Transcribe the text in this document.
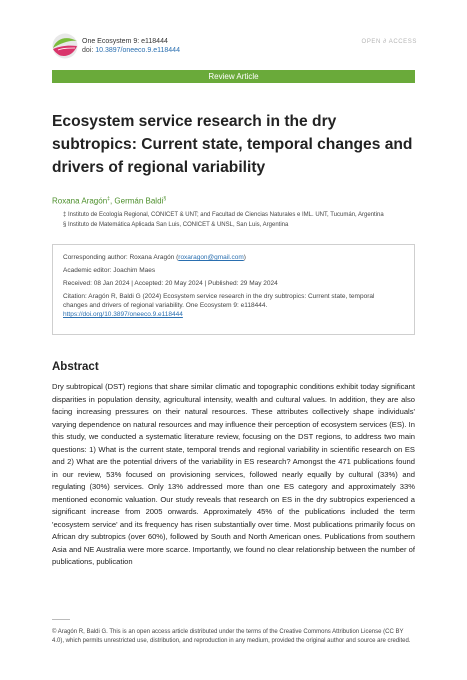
One Ecosystem 9: e118444
doi: 10.3897/oneeco.9.e118444
OPEN ∂ ACCESS
Review Article
Ecosystem service research in the dry subtropics: Current state, temporal changes and drivers of regional variability
Roxana Aragón‡, Germán Baldi§
‡ Instituto de Ecología Regional, CONICET & UNT; and Facultad de Ciencias Naturales e IML. UNT, Tucumán, Argentina
§ Instituto de Matemática Aplicada San Luis, CONICET & UNSL, San Luis, Argentina
Corresponding author: Roxana Aragón (roxaragon@gmail.com)
Academic editor: Joachim Maes
Received: 08 Jan 2024 | Accepted: 20 May 2024 | Published: 29 May 2024
Citation: Aragón R, Baldi G (2024) Ecosystem service research in the dry subtropics: Current state, temporal
changes and drivers of regional variability. One Ecosystem 9: e118444.
https://doi.org/10.3897/oneeco.9.e118444
Abstract

Dry subtropical (DST) regions that share similar climatic and topographic conditions exhibit today significant disparities in population density, agricultural intensity, wealth and cultural values. In addition, they are also facing increasing pressures on their natural resources. These attributes collectively shape individuals' varying dependence on natural resources and may influence their perception of ecosystem services (ES). In this study, we conducted a systematic literature review, focusing on the DST regions, to address two main questions: 1) What is the current state, temporal trends and regional variability in scientific research on ES and 2) What are the potential drivers of the variability in ES research? Amongst the 471 publications found in our review, 53% focused on provisioning services, followed nearly equally by cultural (33%) and regulating (30%) services. Only 13% addressed more than one ES category and approximately 33% mentioned economic valuation. Our study reveals that research on ES in the dry subtropics experienced a significant increase from 2005 onwards. Approximately 45% of the publications included the term 'ecosystem service' and its frequency has risen substantially over time. Most publications primarily focus on African dry subtropics (over 60%), followed by South and North American ones. Publications from southern Asia and NE Australia were more scarce. Importantly, we found no clear relationship between the number of publications, publication

© Aragón R, Baldi G. This is an open access article distributed under the terms of the Creative Commons Attribution License (CC BY 4.0), which permits unrestricted use, distribution, and reproduction in any medium, provided the original author and source are credited.
